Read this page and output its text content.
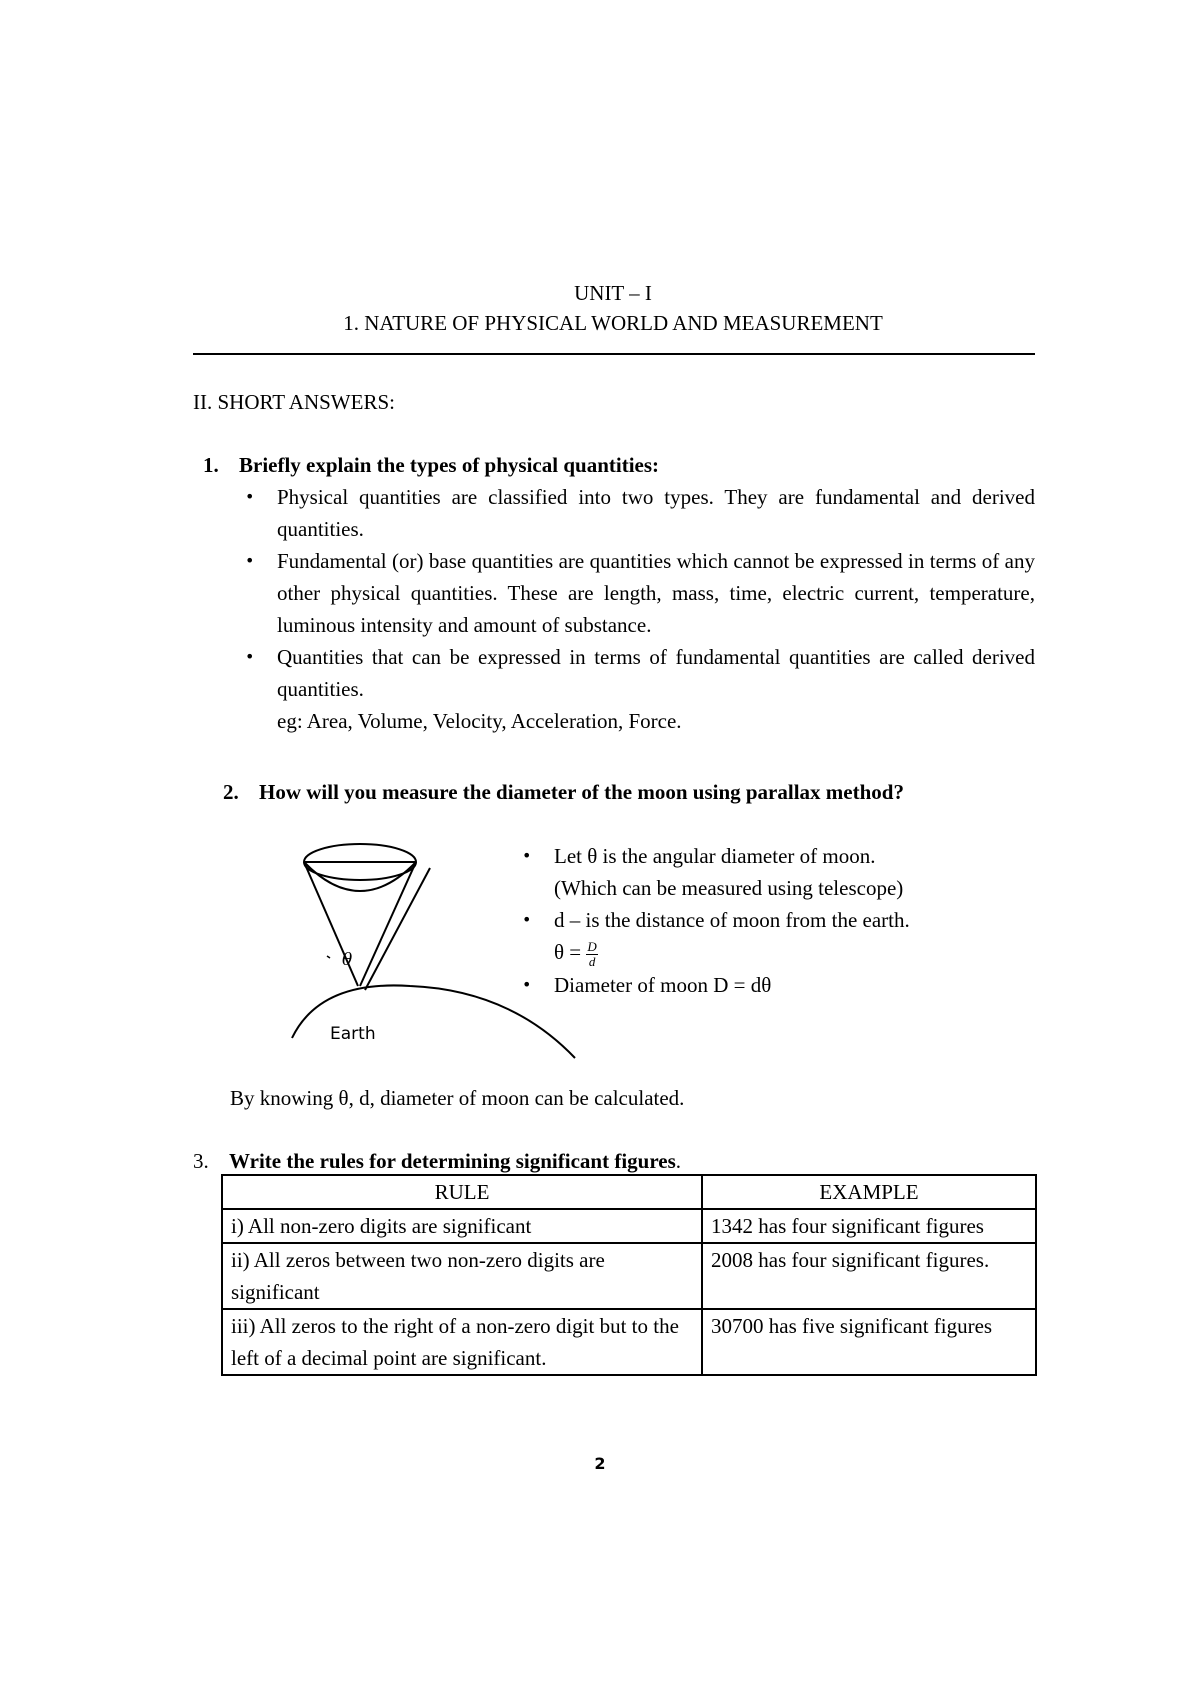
UNIT – I
1. NATURE OF PHYSICAL WORLD AND MEASUREMENT
II. SHORT ANSWERS:
1. Briefly explain the types of physical quantities:
• Physical quantities are classified into two types. They are fundamental and derived quantities.
• Fundamental (or) base quantities are quantities which cannot be expressed in terms of any other physical quantities. These are length, mass, time, electric current, temperature, luminous intensity and amount of substance.
• Quantities that can be expressed in terms of fundamental quantities are called derived quantities.
eg: Area, Volume, Velocity, Acceleration, Force.
2. How will you measure the diameter of the moon using parallax method?
θ
Earth
• Let θ is the angular diameter of moon.
(Which can be measured using telescope)
• d – is the distance of moon from the earth.
$\theta = \frac{D}{d}$
• Diameter of moon D = dθ
By knowing θ, d, diameter of moon can be calculated.
3. Write the rules for determining significant figures .
RULE	EXAMPLE
i) All non-zero digits are significant	1342 has four significant figures
ii) All zeros between two non-zero digits are significant	2008 has four significant figures.
iii) All zeros to the right of a non-zero digit but to the left of a decimal point are significant.	30700 has five significant figures
2
